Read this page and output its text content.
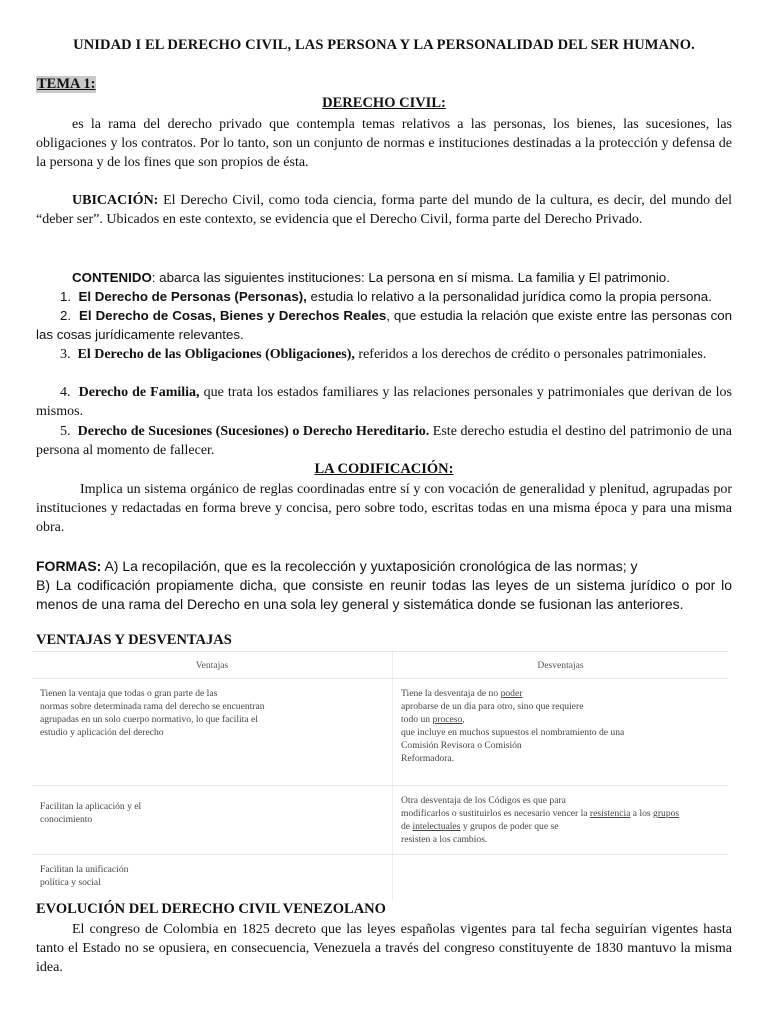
UNIDAD I EL DERECHO CIVIL, LAS PERSONA Y LA PERSONALIDAD DEL SER HUMANO.
TEMA 1:
DERECHO CIVIL:
es la rama del derecho privado que contempla temas relativos a las personas, los bienes, las sucesiones, las obligaciones y los contratos. Por lo tanto, son un conjunto de normas e instituciones destinadas a la protección y defensa de la persona y de los fines que son propios de ésta.
UBICACIÓN: El Derecho Civil, como toda ciencia, forma parte del mundo de la cultura, es decir, del mundo del “deber ser”. Ubicados en este contexto, se evidencia que el Derecho Civil, forma parte del Derecho Privado.
CONTENIDO: abarca las siguientes instituciones: La persona en sí misma. La familia y El patrimonio.
1. El Derecho de Personas (Personas), estudia lo relativo a la personalidad jurídica como la propia persona.
2. El Derecho de Cosas, Bienes y Derechos Reales, que estudia la relación que existe entre las personas con las cosas jurídicamente relevantes.
3. El Derecho de las Obligaciones (Obligaciones), referidos a los derechos de crédito o personales patrimoniales.
4. Derecho de Familia, que trata los estados familiares y las relaciones personales y patrimoniales que derivan de los mismos.
5. Derecho de Sucesiones (Sucesiones) o Derecho Hereditario. Este derecho estudia el destino del patrimonio de una persona al momento de fallecer.
LA CODIFICACIÓN:
Implica un sistema orgánico de reglas coordinadas entre sí y con vocación de generalidad y plenitud, agrupadas por instituciones y redactadas en forma breve y concisa, pero sobre todo, escritas todas en una misma época y para una misma obra.
FORMAS: A) La recopilación, que es la recolección y yuxtaposición cronológica de las normas; y
B) La codificación propiamente dicha, que consiste en reunir todas las leyes de un sistema jurídico o por lo menos de una rama del Derecho en una sola ley general y sistemática donde se fusionan las anteriores.
VENTAJAS Y DESVENTAJAS
Ventajas	Desventajas
Tienen la ventaja que todas o gran parte de las
normas sobre determinada rama del derecho se encuentran
agrupadas en un solo cuerpo normativo, lo que facilita el
estudio y aplicación del derecho
Tiene la desventaja de no poder
aprobarse de un día para otro, sino que requiere
todo un proceso,
que incluye en muchos supuestos el nombramiento de una
Comisión Revisora o Comisión
Reformadora.
Facilitan la aplicación y el
conocimiento
Otra desventaja de los Códigos es que para
modificarlos o sustituirlos es necesario vencer la resistencia a los grupos
de intelectuales y grupos de poder que se
resisten a los cambios.
Facilitan la unificación
política y social
EVOLUCIÓN DEL DERECHO CIVIL VENEZOLANO
El congreso de Colombia en 1825 decreto que las leyes españolas vigentes para tal fecha seguirían vigentes hasta tanto el Estado no se opusiera, en consecuencia, Venezuela a través del congreso constituyente de 1830 mantuvo la misma idea.
